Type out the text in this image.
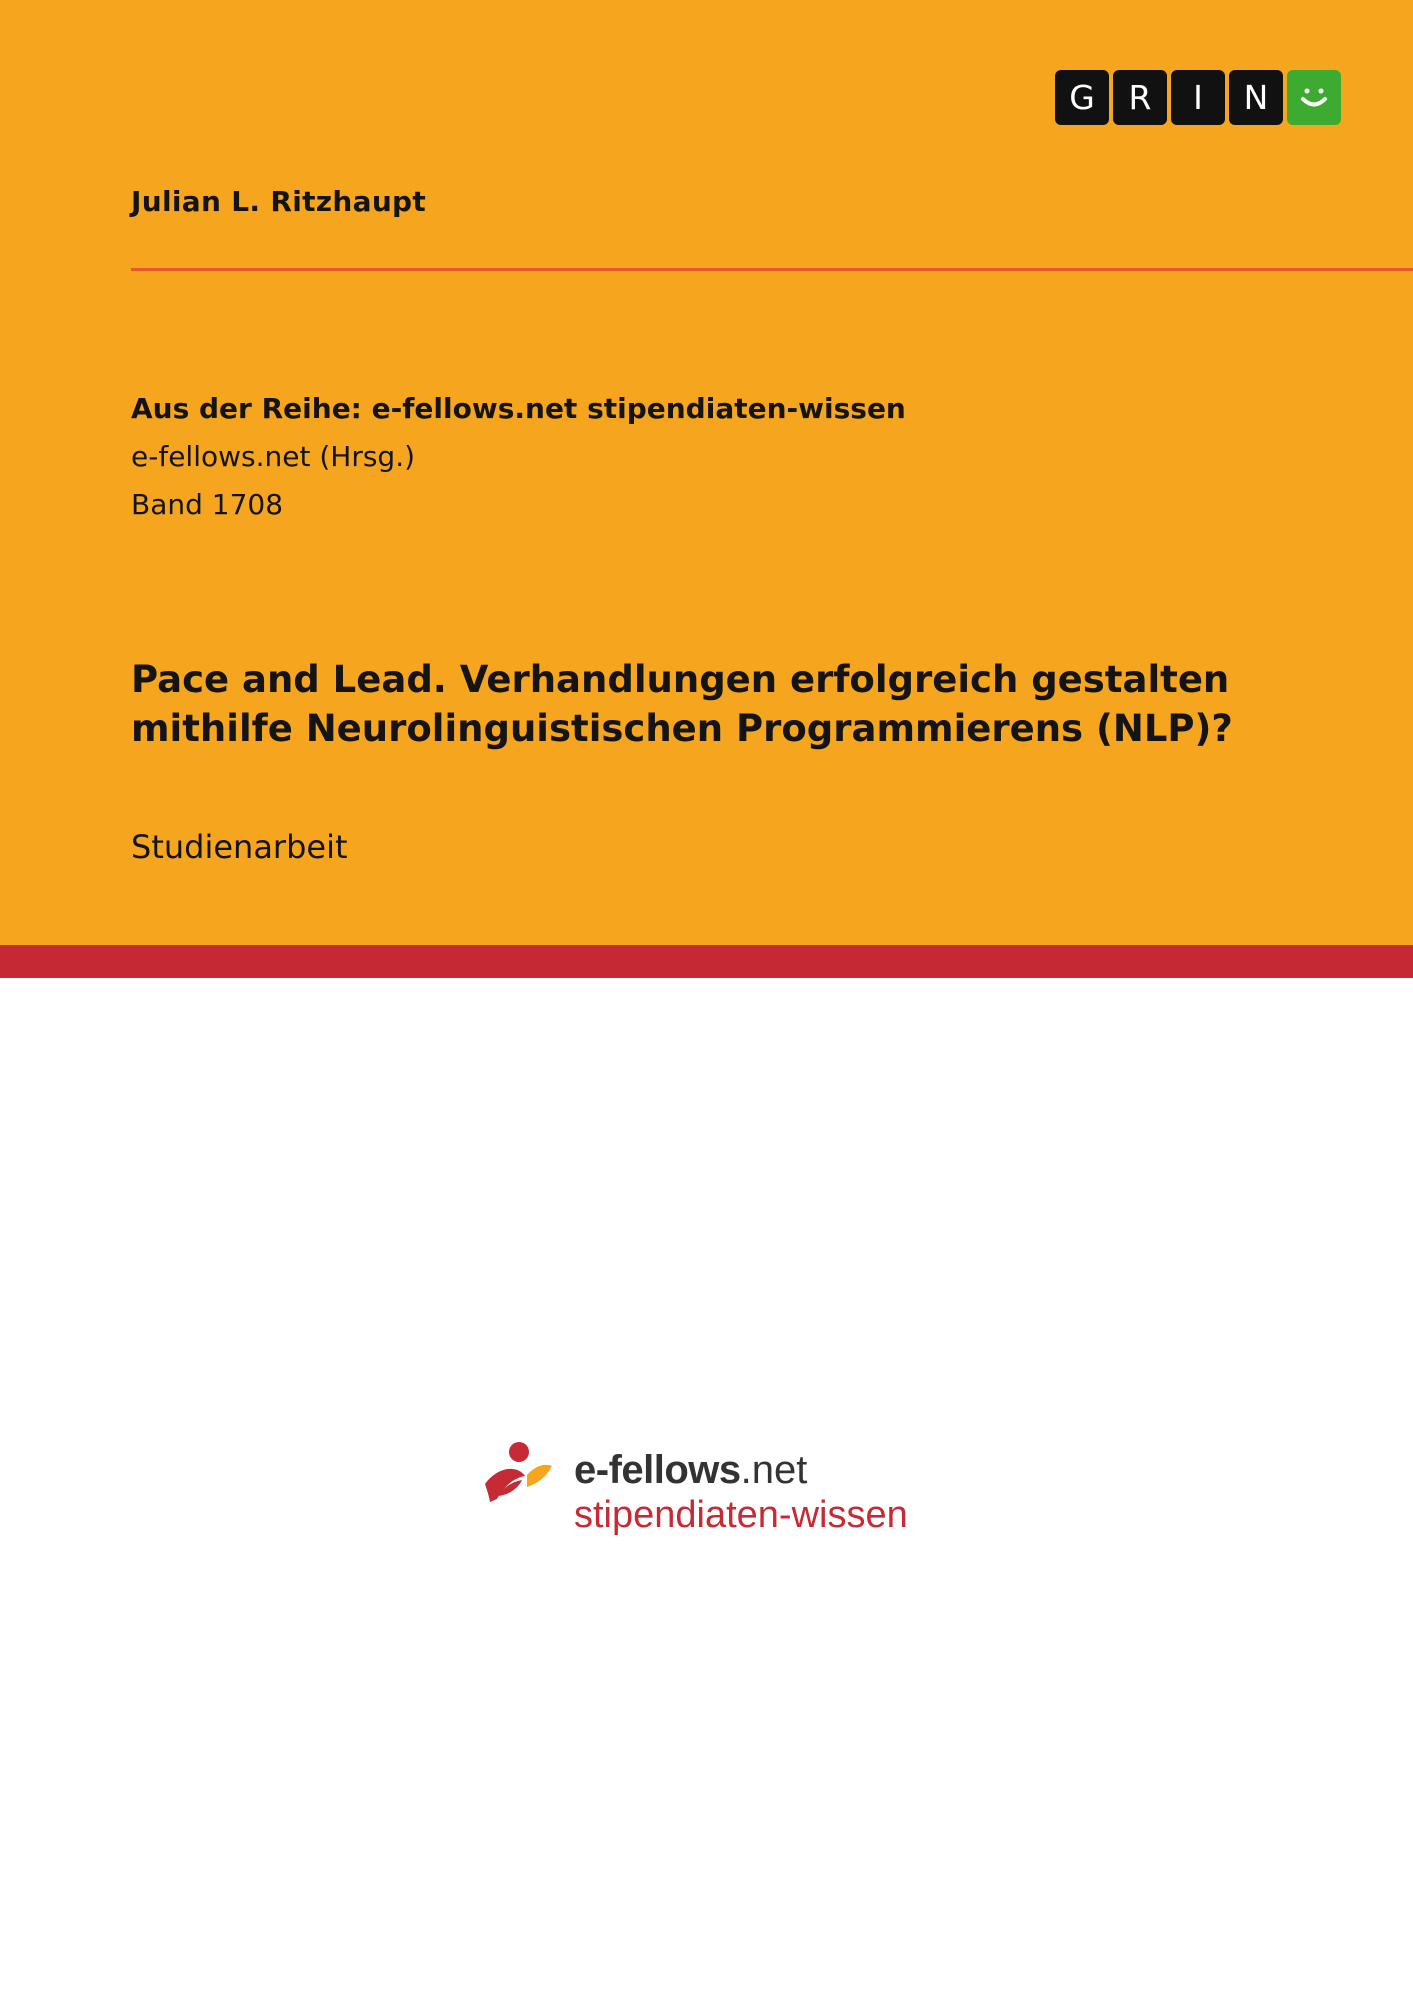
G	R	I	N
Julian L. Ritzhaupt
Aus der Reihe: e-fellows.net stipendiaten-wissen
e-fellows.net (Hrsg.)
Band 1708
Pace and Lead. Verhandlungen erfolgreich gestalten
mithilfe Neurolinguistischen Programmierens (NLP)?
Studienarbeit
e-fellows.net
stipendiaten-wissen
